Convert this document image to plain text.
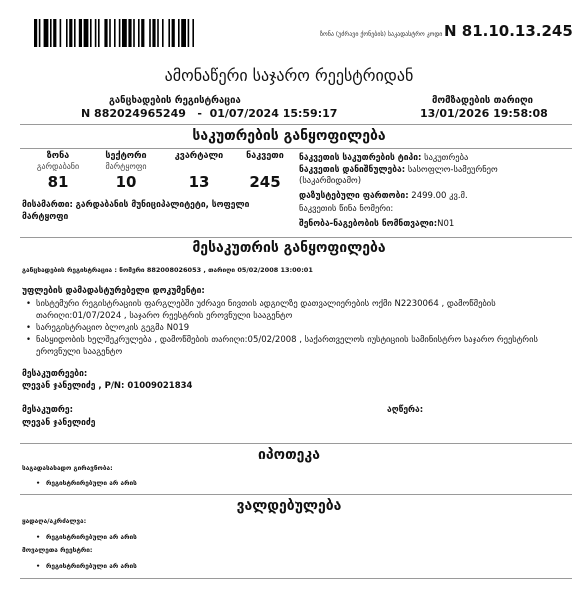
ზონა (უძრავი ქონების) საკადასტრო კოდი N 81.10.13.245
ამონაწერი საჯარო რეესტრიდან
განცხადების რეგისტრაცია
N 882024965249   -  01/07/2024 15:59:17
მომზადების თარიღი
13/01/2026 19:58:08
საკუთრების განყოფილება
ზონა
გარდაბანი
81
სექტორი
მარტყოფი
10
კვარტალი
13
ნაკვეთი
245
მისამართი: გარდაბანის მუნიციპალიტეტი, სოფელი მარტყოფი
ნაკვეთის საკუთრების ტიპი: საკუთრება
ნაკვეთის დანიშნულება: სასოფლო-სამეურნეო
(საკარმიდამო)
დაზუსტებული ფართობი: 2499.00 კვ.მ.
ნაკვეთის წინა ნომერი:
შენობა-ნაგებობის ნომნთვალი:N01
მესაკუთრის განყოფილება
განცხადების რეგისტრაცია : ნომერი 882008026053 , თარიღი 05/02/2008 13:00:01
უფლების დამადასტურებელი დოკუმენტი:
• სისტემური რეგისტრაციის ფარგლებში უძრავი ნივთის ადგილზე დათვალიერების ოქმი N2230064 , დამოწმების თარიღი:01/07/2024 , საჯარო რეესტრის ეროვნული სააგენტო
• სარეგისტრაციო ბლოკის გეგმა N019
• ნასყიდობის ხელშეკრულება , დამოწმების თარიღი:05/02/2008 , საქართველოს იუსტიციის სამინისტრო საჯარო რეესტრის ეროვნული სააგენტო
მესაკუთრეები:
ლევან ჯანელიძე , P/N: 01009021834
მესაკუთრე:
ლევან ჯანელიძე
აღწერა:
იპოთეკა
საგადასახადო გირავნობა:
• რეგისტრირებული არ არის
ვალდებულება
ყადაღა/აკრძალვა:
• რეგისტრირებული არ არის
მოვალეთა რეესტრი:
• რეგისტრირებული არ არის
